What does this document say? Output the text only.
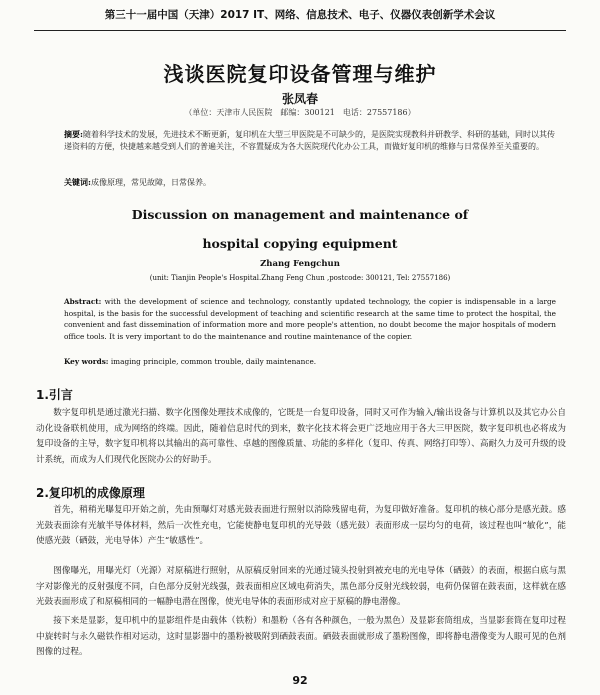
第三十一届中国（天津）2017 IT、网络、信息技术、电子、仪器仪表创新学术会议
浅谈医院复印设备管理与维护
张凤春
（单位：天津市人民医院　邮编：300121　电话：27557186）
摘要:随着科学技术的发展，先进技术不断更新，复印机在大型三甲医院是不可缺少的，是医院实现教科并研教学、科研的基础，同时以其传递资料的方便，快捷越来越受到人们的普遍关注，不容置疑成为各大医院现代化办公工具，而做好复印机的维修与日常保养至关重要的。
关键词:成像原理，常见故障，日常保养。
Discussion on management and maintenance of
hospital copying equipment
Zhang Fengchun
(unit: Tianjin People's Hospital.Zhang Feng Chun ,postcode: 300121, Tel: 27557186)
Abstract: with the development of science and technology, constantly updated technology, the copier is indispensable in a large hospital, is the basis for the successful development of teaching and scientific research at the same time to protect the hospital, the convenient and fast dissemination of information more and more people's attention, no doubt become the major hospitals of modern office tools. It is very important to do the maintenance and routine maintenance of the copier.
Key words: imaging principle, common trouble, daily maintenance.
1.引言
数字复印机是通过激光扫描、数字化图像处理技术成像的，它既是一台复印设备，同时又可作为输入/输出设备与计算机以及其它办公自动化设备联机使用，成为网络的终端。因此，随着信息时代的到来，数字化技术将会更广泛地应用于各大三甲医院，数字复印机也必将成为复印设备的主导，数字复印机将以其输出的高可靠性、卓越的图像质量、功能的多样化（复印、传真、网络打印等）、高耐久力及可升级的设计系统，而成为人们现代化医院办公的好助手。
2.复印机的成像原理
首先，稍稍光曝复印开始之前，先由预曝灯对感光鼓表面进行照射以消除残留电荷，为复印做好准备。复印机的核心部分是感光鼓。感光鼓表面涂有光敏半导体材料，然后一次性充电，它能使静电复印机的光导鼓（感光鼓）表面形成一层均匀的电荷，该过程也叫“敏化”，能使感光鼓（硒鼓，光电导体）产生“敏感性”。
图像曝光，用曝光灯（光源）对原稿进行照射，从原稿反射回来的光通过镜头投射到被充电的光电导体（硒鼓）的表面，根据白底与黑字对影像光的反射强度不同，白色部分反射光线强，鼓表面相应区域电荷消失，黑色部分反射光线较弱，电荷仍保留在鼓表面，这样就在感光鼓表面形成了和原稿相同的一幅静电潜在图像，使光电导体的表面形成对应于原稿的静电潜像。
接下来是显影，复印机中的显影组件是由载体（铁粉）和墨粉（各有各种颜色，一般为黑色）及显影套筒组成，当显影套筒在复印过程中旋转时与永久磁铁作相对运动，这时显影器中的墨粉被吸附到硒鼓表面。硒鼓表面就形成了墨粉图像，即将静电潜像变为人眼可见的色剂图像的过程。
92
